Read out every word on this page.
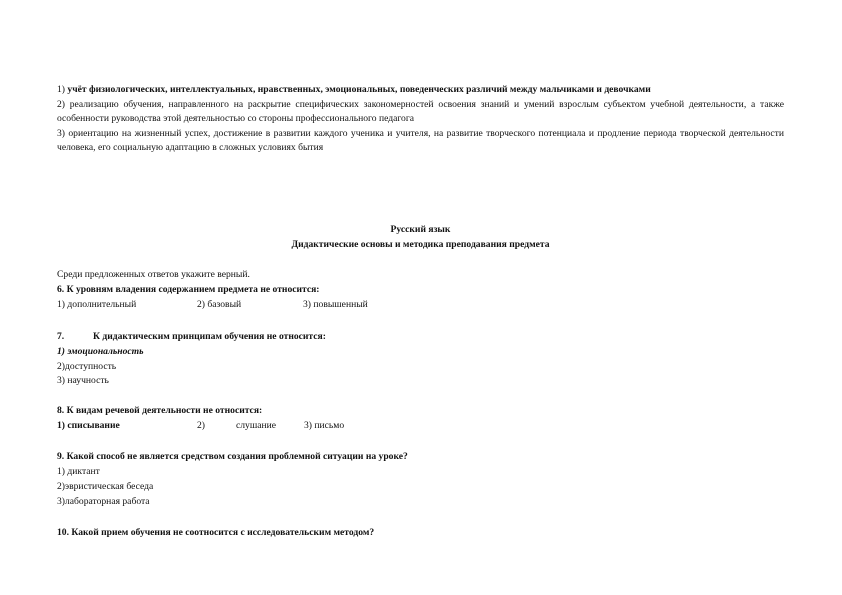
1) учёт физиологических, интеллектуальных, нравственных, эмоциональных, поведенческих различий между мальчиками и девочками

2) реализацию обучения, направленного на раскрытие специфических закономерностей освоения знаний и умений взрослым субъектом учебной деятельности, а также особенности руководства этой деятельностью со стороны профессионального педагога

3) ориентацию на жизненный успех, достижение в развитии каждого ученика и учителя, на развитие творческого потенциала и продление периода творческой деятельности человека, его социальную адаптацию в сложных условиях бытия

Русский язык
Дидактические основы и методика преподавания предмета
Среди предложенных ответов укажите верный.
6. К уровням владения содержанием предмета не относится:
1) дополнительный	2) базовый	3) повышенный
7.	К дидактическим принципам обучения не относится:
1) эмоциональность
2)доступность
3) научность
8. К видам речевой деятельности не относится:
1) списывание	2)	слушание	3) письмо
9. Какой способ не является средством создания проблемной ситуации на уроке?
1) диктант
2)эвристическая беседа
3)лабораторная работа
10. Какой прием обучения не соотносится с исследовательским методом?
